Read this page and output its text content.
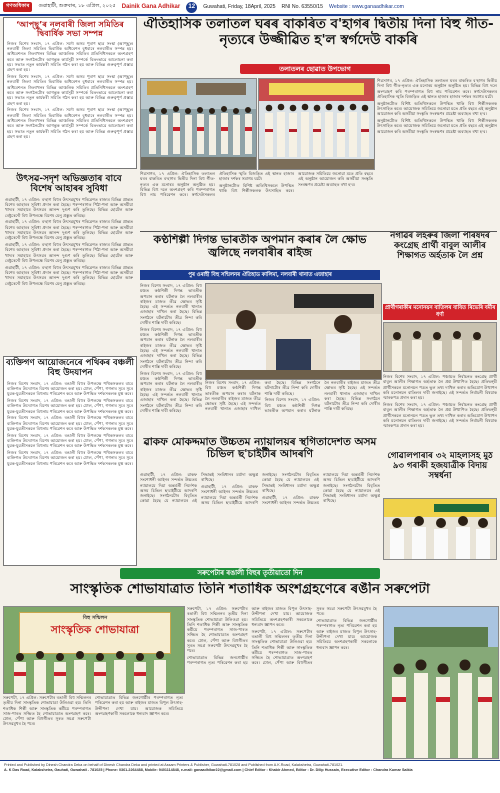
গণঅধিকাৰ	গুৱাহাটী, শুক্ৰবাৰ, ১৮ এপ্ৰিল, ২০২৫ Dainik Gana Adhikar	12	Guwahati, Friday, 18April, 2025 RNI No. 63550/15 Website : www.ganaadhikar.com
‘আপ্ছু’ৰ নলবাৰী জিলা সমিতিৰ দ্বিবাৰ্ষিক সভা সম্পন্ন

নিজৰ বিশেষ সংবাদ, ১৭ এপ্ৰিল: সদৌ অসম পুৰাণ ছাত্ৰ সংস্থা (আপ্ছু)ৰ নলবাৰী জিলা সমিতিৰ দ্বিবাৰ্ষিক অধিবেশন বুধবাৰে নলবাৰীত সম্পন্ন হয়। অধিবেশনত জিলাখনৰ বিভিন্ন আঞ্চলিক সমিতিৰ প্ৰতিনিধিসকলে অংশগ্ৰহণ কৰে আৰু সংগঠনটোৰ আগন্তুক কাৰ্যসূচী সম্পৰ্কে বিতংভাৱে আলোচনা কৰা হয়। সভাত নতুন কাৰ্যকৰী সমিতি গঠন কৰা হয় আৰু বিভিন্ন গুৰুত্বপূৰ্ণ প্ৰস্তাৱ গ্ৰহণ কৰা হয়।

নিজৰ বিশেষ সংবাদ, ১৭ এপ্ৰিল: সদৌ অসম পুৰাণ ছাত্ৰ সংস্থা (আপ্ছু)ৰ নলবাৰী জিলা সমিতিৰ দ্বিবাৰ্ষিক অধিবেশন বুধবাৰে নলবাৰীত সম্পন্ন হয়। অধিবেশনত জিলাখনৰ বিভিন্ন আঞ্চলিক সমিতিৰ প্ৰতিনিধিসকলে অংশগ্ৰহণ কৰে আৰু সংগঠনটোৰ আগন্তুক কাৰ্যসূচী সম্পৰ্কে বিতংভাৱে আলোচনা কৰা হয়। সভাত নতুন কাৰ্যকৰী সমিতি গঠন কৰা হয় আৰু বিভিন্ন গুৰুত্বপূৰ্ণ প্ৰস্তাৱ গ্ৰহণ কৰা হয়।

নিজৰ বিশেষ সংবাদ, ১৭ এপ্ৰিল: সদৌ অসম পুৰাণ ছাত্ৰ সংস্থা (আপ্ছু)ৰ নলবাৰী জিলা সমিতিৰ দ্বিবাৰ্ষিক অধিবেশন বুধবাৰে নলবাৰীত সম্পন্ন হয়। অধিবেশনত জিলাখনৰ বিভিন্ন আঞ্চলিক সমিতিৰ প্ৰতিনিধিসকলে অংশগ্ৰহণ কৰে আৰু সংগঠনটোৰ আগন্তুক কাৰ্যসূচী সম্পৰ্কে বিতংভাৱে আলোচনা কৰা হয়। সভাত নতুন কাৰ্যকৰী সমিতি গঠন কৰা হয় আৰু বিভিন্ন গুৰুত্বপূৰ্ণ প্ৰস্তাৱ গ্ৰহণ কৰা হয়।

উৎসৱ-সদৃশ অভিজ্ঞতাৰ বাবে বিশেষ আহাৰৰ সুবিধা

গুৱাহাটী, ১৭ এপ্ৰিল: ব'হাগ বিহুৰ উৎসৱমুখৰ পৰিৱেশত ৰাজ্যৰ বিভিন্ন প্ৰান্তত বিশেষ আহাৰৰ সুবিধা প্ৰদান কৰা হৈছে। পৰম্পৰাগত পিঠা-পনা আৰু অসমীয়া খাদ্যৰ সমাহাৰে উৎসৱৰ আনন্দ দুগুণ কৰি তুলিছে। বিভিন্ন হোটেল আৰু ৰেষ্টুৰেণ্টে বিহু উপলক্ষে বিশেষ মেনু প্ৰস্তুত কৰিছে।

গুৱাহাটী, ১৭ এপ্ৰিল: ব'হাগ বিহুৰ উৎসৱমুখৰ পৰিৱেশত ৰাজ্যৰ বিভিন্ন প্ৰান্তত বিশেষ আহাৰৰ সুবিধা প্ৰদান কৰা হৈছে। পৰম্পৰাগত পিঠা-পনা আৰু অসমীয়া খাদ্যৰ সমাহাৰে উৎসৱৰ আনন্দ দুগুণ কৰি তুলিছে। বিভিন্ন হোটেল আৰু ৰেষ্টুৰেণ্টে বিহু উপলক্ষে বিশেষ মেনু প্ৰস্তুত কৰিছে।

গুৱাহাটী, ১৭ এপ্ৰিল: ব'হাগ বিহুৰ উৎসৱমুখৰ পৰিৱেশত ৰাজ্যৰ বিভিন্ন প্ৰান্তত বিশেষ আহাৰৰ সুবিধা প্ৰদান কৰা হৈছে। পৰম্পৰাগত পিঠা-পনা আৰু অসমীয়া খাদ্যৰ সমাহাৰে উৎসৱৰ আনন্দ দুগুণ কৰি তুলিছে। বিভিন্ন হোটেল আৰু ৰেষ্টুৰেণ্টে বিহু উপলক্ষে বিশেষ মেনু প্ৰস্তুত কৰিছে।

গুৱাহাটী, ১৭ এপ্ৰিল: ব'হাগ বিহুৰ উৎসৱমুখৰ পৰিৱেশত ৰাজ্যৰ বিভিন্ন প্ৰান্তত বিশেষ আহাৰৰ সুবিধা প্ৰদান কৰা হৈছে। পৰম্পৰাগত পিঠা-পনা আৰু অসমীয়া খাদ্যৰ সমাহাৰে উৎসৱৰ আনন্দ দুগুণ কৰি তুলিছে। বিভিন্ন হোটেল আৰু ৰেষ্টুৰেণ্টে বিহু উপলক্ষে বিশেষ মেনু প্ৰস্তুত কৰিছে।

ব্যক্তিগণ আয়োজনেৰে পথিকৰ বঞ্চলী বিহু উদযাপন

নিজৰ বিশেষ সংবাদ, ১৭ এপ্ৰিল: ৰঙালী বিহুৰ উপলক্ষে পথিকসকলৰ বাবে ব্যক্তিগত উদ্যোগত বিশেষ আয়োজন কৰা হয়। ঢোল, পেঁপা, গগনাৰ সুৰে সুৰে যুৱক-যুৱতীসকলে বিহুনাচ পৰিৱেশন কৰে আৰু উপস্থিত দৰ্শকসকলক মুগ্ধ কৰে।

নিজৰ বিশেষ সংবাদ, ১৭ এপ্ৰিল: ৰঙালী বিহুৰ উপলক্ষে পথিকসকলৰ বাবে ব্যক্তিগত উদ্যোগত বিশেষ আয়োজন কৰা হয়। ঢোল, পেঁপা, গগনাৰ সুৰে সুৰে যুৱক-যুৱতীসকলে বিহুনাচ পৰিৱেশন কৰে আৰু উপস্থিত দৰ্শকসকলক মুগ্ধ কৰে।

নিজৰ বিশেষ সংবাদ, ১৭ এপ্ৰিল: ৰঙালী বিহুৰ উপলক্ষে পথিকসকলৰ বাবে ব্যক্তিগত উদ্যোগত বিশেষ আয়োজন কৰা হয়। ঢোল, পেঁপা, গগনাৰ সুৰে সুৰে যুৱক-যুৱতীসকলে বিহুনাচ পৰিৱেশন কৰে আৰু উপস্থিত দৰ্শকসকলক মুগ্ধ কৰে।

নিজৰ বিশেষ সংবাদ, ১৭ এপ্ৰিল: ৰঙালী বিহুৰ উপলক্ষে পথিকসকলৰ বাবে ব্যক্তিগত উদ্যোগত বিশেষ আয়োজন কৰা হয়। ঢোল, পেঁপা, গগনাৰ সুৰে সুৰে যুৱক-যুৱতীসকলে বিহুনাচ পৰিৱেশন কৰে আৰু উপস্থিত দৰ্শকসকলক মুগ্ধ কৰে।

নিজৰ বিশেষ সংবাদ, ১৭ এপ্ৰিল: ৰঙালী বিহুৰ উপলক্ষে পথিকসকলৰ বাবে ব্যক্তিগত উদ্যোগত বিশেষ আয়োজন কৰা হয়। ঢোল, পেঁপা, গগনাৰ সুৰে সুৰে যুৱক-যুৱতীসকলে বিহুনাচ পৰিৱেশন কৰে আৰু উপস্থিত দৰ্শকসকলক মুগ্ধ কৰে।

ঐতিহাসিক তলাতল ঘৰৰ বাকৰিত ব'হাগৰ দ্বিতীয় দিনা বিহু গীত-নৃত্যৰে উজ্জীৱিত হ'ল স্বৰ্গদেউ বাকৰি
তলাতলৰ ছোৱাত উপভোগ

শিৱসাগৰ, ১৭ এপ্ৰিল: ঐতিহাসিক তলাতল ঘৰৰ বাকৰিত ব'হাগৰ দ্বিতীয় দিনা বিহু গীত-নৃত্যৰ এক মনোৰম অনুষ্ঠান অনুষ্ঠিত হয়। বিভিন্ন বিহু দলে অংশগ্ৰহণ কৰি পৰম্পৰাগত বিহু নাচ পৰিৱেশন কৰে। স্বৰ্গদেউসকলৰ ঐতিহাসিক স্মৃতি বিজড়িত এই স্থানত হাজাৰ হাজাৰ দৰ্শকৰ সমাগম ঘটে।

অনুষ্ঠানটোত বিশিষ্ট অতিথিসকলে উপস্থিত থাকি বিহু শিল্পীসকলক উৎসাহিত কৰে। আয়োজক সমিতিয়ে জনোৱা মতে প্ৰতি বছৰে এই অনুষ্ঠান আয়োজন কৰি অসমীয়া সংস্কৃতি সংৰক্ষণৰ প্ৰচেষ্টা অব্যাহত ৰখা হ'ব।

অনুষ্ঠানটোত বিশিষ্ট অতিথিসকলে উপস্থিত থাকি বিহু শিল্পীসকলক উৎসাহিত কৰে। আয়োজক সমিতিয়ে জনোৱা মতে প্ৰতি বছৰে এই অনুষ্ঠান আয়োজন কৰি অসমীয়া সংস্কৃতি সংৰক্ষণৰ প্ৰচেষ্টা অব্যাহত ৰখা হ'ব।

শিৱসাগৰ, ১৭ এপ্ৰিল: ঐতিহাসিক তলাতল ঘৰৰ বাকৰিত ব'হাগৰ দ্বিতীয় দিনা বিহু গীত-নৃত্যৰ এক মনোৰম অনুষ্ঠান অনুষ্ঠিত হয়। বিভিন্ন বিহু দলে অংশগ্ৰহণ কৰি পৰম্পৰাগত বিহু নাচ পৰিৱেশন কৰে। স্বৰ্গদেউসকলৰ ঐতিহাসিক স্মৃতি বিজড়িত এই স্থানত হাজাৰ হাজাৰ দৰ্শকৰ সমাগম ঘটে।

অনুষ্ঠানটোত বিশিষ্ট অতিথিসকলে উপস্থিত থাকি বিহু শিল্পীসকলক উৎসাহিত কৰে। আয়োজক সমিতিয়ে জনোৱা মতে প্ৰতি বছৰে এই অনুষ্ঠান আয়োজন কৰি অসমীয়া সংস্কৃতি সংৰক্ষণৰ প্ৰচেষ্টা অব্যাহত ৰখা হ'ব।

কণ্ঠশিল্পী দিগন্ত ভাৰতীক অপমান কৰাৰ লৈ ক্ষোভ জ্বলিছে নলবাৰীৰ ৰাইজ
পুৰ ওৰাহী বিহু সন্মিলনৰ ঐতিহাড কালিমা, নলবাৰী থানাত এজাহাৰ

নিজৰ বিশেষ সংবাদ, ১৭ এপ্ৰিল: বিহু মঞ্চত কণ্ঠশিল্পী দিগন্ত ভাৰতীক অপমান কৰাৰ ঘটনাক লৈ নলবাৰীৰ ৰাইজৰ মাজত তীব্ৰ ক্ষোভৰ সৃষ্টি হৈছে। এই সন্দৰ্ভত নলবাৰী থানাত এজাহাৰ দাখিল কৰা হৈছে। বিভিন্ন সংগঠনে ঘটনাটোৰ তীব্ৰ নিন্দা কৰি দোষীৰ শাস্তি দাবী কৰিছে।

নিজৰ বিশেষ সংবাদ, ১৭ এপ্ৰিল: বিহু মঞ্চত কণ্ঠশিল্পী দিগন্ত ভাৰতীক অপমান কৰাৰ ঘটনাক লৈ নলবাৰীৰ ৰাইজৰ মাজত তীব্ৰ ক্ষোভৰ সৃষ্টি হৈছে। এই সন্দৰ্ভত নলবাৰী থানাত এজাহাৰ দাখিল কৰা হৈছে। বিভিন্ন সংগঠনে ঘটনাটোৰ তীব্ৰ নিন্দা কৰি দোষীৰ শাস্তি দাবী কৰিছে।

নিজৰ বিশেষ সংবাদ, ১৭ এপ্ৰিল: বিহু মঞ্চত কণ্ঠশিল্পী দিগন্ত ভাৰতীক অপমান কৰাৰ ঘটনাক লৈ নলবাৰীৰ ৰাইজৰ মাজত তীব্ৰ ক্ষোভৰ সৃষ্টি হৈছে। এই সন্দৰ্ভত নলবাৰী থানাত এজাহাৰ দাখিল কৰা হৈছে। বিভিন্ন সংগঠনে ঘটনাটোৰ তীব্ৰ নিন্দা কৰি দোষীৰ শাস্তি দাবী কৰিছে।

নিজৰ বিশেষ সংবাদ, ১৭ এপ্ৰিল: বিহু মঞ্চত কণ্ঠশিল্পী দিগন্ত ভাৰতীক অপমান কৰাৰ ঘটনাক লৈ নলবাৰীৰ ৰাইজৰ মাজত তীব্ৰ ক্ষোভৰ সৃষ্টি হৈছে। এই সন্দৰ্ভত নলবাৰী থানাত এজাহাৰ দাখিল কৰা হৈছে। বিভিন্ন সংগঠনে ঘটনাটোৰ তীব্ৰ নিন্দা কৰি দোষীৰ শাস্তি দাবী কৰিছে।

নিজৰ বিশেষ সংবাদ, ১৭ এপ্ৰিল: বিহু মঞ্চত কণ্ঠশিল্পী দিগন্ত ভাৰতীক অপমান কৰাৰ ঘটনাক লৈ নলবাৰীৰ ৰাইজৰ মাজত তীব্ৰ ক্ষোভৰ সৃষ্টি হৈছে। এই সন্দৰ্ভত নলবাৰী থানাত এজাহাৰ দাখিল কৰা হৈছে। বিভিন্ন সংগঠনে ঘটনাটোৰ তীব্ৰ নিন্দা কৰি দোষীৰ শাস্তি দাবী কৰিছে।

ৱাকফ মোকদ্দমাত উচ্চতম ন্যায়ালয়ৰ স্থগিতাদেশত অসম চিভিল ছ'চাইটীৰ আদৰণি

গুৱাহাটী, ১৭ এপ্ৰিল: ৱাকফ সংশোধনী আইনৰ সন্দৰ্ভত উচ্চতম ন্যায়ালয়ে দিয়া অন্তৰ্বৰ্তী নিৰ্দেশক অসম চিভিল ছ'চাইটীয়ে আদৰণি জনাইছে। সংগঠনটোৰ বিবৃতিত কোৱা হৈছে যে ন্যায়ালয়ৰ এই সিদ্ধান্তই সংবিধানৰ মৰ্যাদা অক্ষুণ্ণ ৰাখিছে।

গুৱাহাটী, ১৭ এপ্ৰিল: ৱাকফ সংশোধনী আইনৰ সন্দৰ্ভত উচ্চতম ন্যায়ালয়ে দিয়া অন্তৰ্বৰ্তী নিৰ্দেশক অসম চিভিল ছ'চাইটীয়ে আদৰণি জনাইছে। সংগঠনটোৰ বিবৃতিত কোৱা হৈছে যে ন্যায়ালয়ৰ এই সিদ্ধান্তই সংবিধানৰ মৰ্যাদা অক্ষুণ্ণ ৰাখিছে।

গুৱাহাটী, ১৭ এপ্ৰিল: ৱাকফ সংশোধনী আইনৰ সন্দৰ্ভত উচ্চতম ন্যায়ালয়ে দিয়া অন্তৰ্বৰ্তী নিৰ্দেশক অসম চিভিল ছ'চাইটীয়ে আদৰণি জনাইছে। সংগঠনটোৰ বিবৃতিত কোৱা হৈছে যে ন্যায়ালয়ৰ এই সিদ্ধান্তই সংবিধানৰ মৰ্যাদা অক্ষুণ্ণ ৰাখিছে।

নগাঁৱৰ লহৰুৰ জিলা পৰিষদৰ কংগ্ৰেছ প্ৰাৰ্থী বাবুল আলীৰ শিক্ষাগত অৰ্হতাক লৈ প্ৰশ্ন
প্ৰাৰ্থীগৰাকীৰ মনোনয়ন বাতিলৰ বাবিত ৰিভেৰি বৰ্মীৰ ধৰ্ণা

নিজৰ বিশেষ সংবাদ, ১৭ এপ্ৰিল: পঞ্চায়ত নিৰ্বাচনত কংগ্ৰেছ প্ৰাৰ্থী বাবুল আলীৰ শিক্ষাগত অৰ্হতাক লৈ প্ৰশ্ন উত্থাপিত হৈছে। প্ৰতিদ্বন্দ্বী প্ৰাৰ্থীসকলে মনোনয়ন পত্ৰত ভুল তথ্য দাখিল কৰাৰ অভিযোগ উত্থাপন কৰি মনোনয়ন বাতিলৰ দাবী জনাইছে। এই সন্দৰ্ভত নিৰ্বাচনী বিষয়াক স্মাৰকপত্ৰ প্ৰদান কৰা হয়।

নিজৰ বিশেষ সংবাদ, ১৭ এপ্ৰিল: পঞ্চায়ত নিৰ্বাচনত কংগ্ৰেছ প্ৰাৰ্থী বাবুল আলীৰ শিক্ষাগত অৰ্হতাক লৈ প্ৰশ্ন উত্থাপিত হৈছে। প্ৰতিদ্বন্দ্বী প্ৰাৰ্থীসকলে মনোনয়ন পত্ৰত ভুল তথ্য দাখিল কৰাৰ অভিযোগ উত্থাপন কৰি মনোনয়ন বাতিলৰ দাবী জনাইছে। এই সন্দৰ্ভত নিৰ্বাচনী বিষয়াক স্মাৰকপত্ৰ প্ৰদান কৰা হয়।

গোৱালপাৰাৰ ৩২ মহিলাসহ মুঠ ৯৩ গৰাকী হজযাত্ৰীক বিদায় সম্বৰ্ধনা
সৰুপেটাৰ ৰঙালী বিহুৰ তৃতীয়াতো দিন
সাংস্কৃতিক শোভাযাত্ৰাত তিনি শতাধিক অংশগ্ৰহণেৰে ৰঙীন সৰুপেটা
বিহু সন্মিলন
সাংস্কৃতিক শোভাযাত্ৰা

সৰুপেটা, ১৭ এপ্ৰিল: সৰুপেটাৰ ৰঙালী বিহু সন্মিলনৰ তৃতীয় দিনা সাংস্কৃতিক শোভাযাত্ৰা উলিওৱা হয়। তিনি শতাধিক শিল্পী আৰু সাংস্কৃতিক কৰ্মীয়ে পৰম্পৰাগত সাজ-পাৰত সজ্জিত হৈ শোভাযাত্ৰাত অংশগ্ৰহণ কৰে। ঢোল, পেঁপা আৰু বিহুগীতৰ সুৰত সমগ্ৰ সৰুপেটা উৎসৱমুখৰ হৈ পৰে।

শোভাযাত্ৰাত বিভিন্ন জনগোষ্ঠীৰ পৰম্পৰাগত নৃত্য পৰিৱেশন কৰা হয় আৰু ৰাইজৰ মাজত বিপুল উৎসাহ-উদ্দীপনা দেখা যায়। আয়োজক সমিতিয়ে অংশগ্ৰহণকাৰী সকলোকে ধন্যবাদ জ্ঞাপন কৰে।

সৰুপেটা, ১৭ এপ্ৰিল: সৰুপেটাৰ ৰঙালী বিহু সন্মিলনৰ তৃতীয় দিনা সাংস্কৃতিক শোভাযাত্ৰা উলিওৱা হয়। তিনি শতাধিক শিল্পী আৰু সাংস্কৃতিক কৰ্মীয়ে পৰম্পৰাগত সাজ-পাৰত সজ্জিত হৈ শোভাযাত্ৰাত অংশগ্ৰহণ কৰে। ঢোল, পেঁপা আৰু বিহুগীতৰ সুৰত সমগ্ৰ সৰুপেটা উৎসৱমুখৰ হৈ পৰে।

শোভাযাত্ৰাত বিভিন্ন জনগোষ্ঠীৰ পৰম্পৰাগত নৃত্য পৰিৱেশন কৰা হয় আৰু ৰাইজৰ মাজত বিপুল উৎসাহ-উদ্দীপনা দেখা যায়। আয়োজক সমিতিয়ে অংশগ্ৰহণকাৰী সকলোকে ধন্যবাদ জ্ঞাপন কৰে।

সৰুপেটা, ১৭ এপ্ৰিল: সৰুপেটাৰ ৰঙালী বিহু সন্মিলনৰ তৃতীয় দিনা সাংস্কৃতিক শোভাযাত্ৰা উলিওৱা হয়। তিনি শতাধিক শিল্পী আৰু সাংস্কৃতিক কৰ্মীয়ে পৰম্পৰাগত সাজ-পাৰত সজ্জিত হৈ শোভাযাত্ৰাত অংশগ্ৰহণ কৰে। ঢোল, পেঁপা আৰু বিহুগীতৰ সুৰত সমগ্ৰ সৰুপেটা উৎসৱমুখৰ হৈ পৰে।

শোভাযাত্ৰাত বিভিন্ন জনগোষ্ঠীৰ পৰম্পৰাগত নৃত্য পৰিৱেশন কৰা হয় আৰু ৰাইজৰ মাজত বিপুল উৎসাহ-উদ্দীপনা দেখা যায়। আয়োজক সমিতিয়ে অংশগ্ৰহণকাৰী সকলোকে ধন্যবাদ জ্ঞাপন কৰে।

Printed and Published by Dinesh Chandra Deka on behalf of Dinesh Chandra Deka and printed at Assam Printers & Publisher, Guwahati-781028 and Published from A.K.Road, Kalakshetra, Guwahati-781021.
A. K Das Road, Kalakshetra, Gauhati, Guwahati - 781025 | Phone: 0361-2264488, Mobile: 9401114848, e-mail: ganaadhikar22@gmail.com | Chief Editor : Khabir Ahmed, Editor : Dr. Dilip Hussain, Executive Editor : Chandra Kumar Saikia
